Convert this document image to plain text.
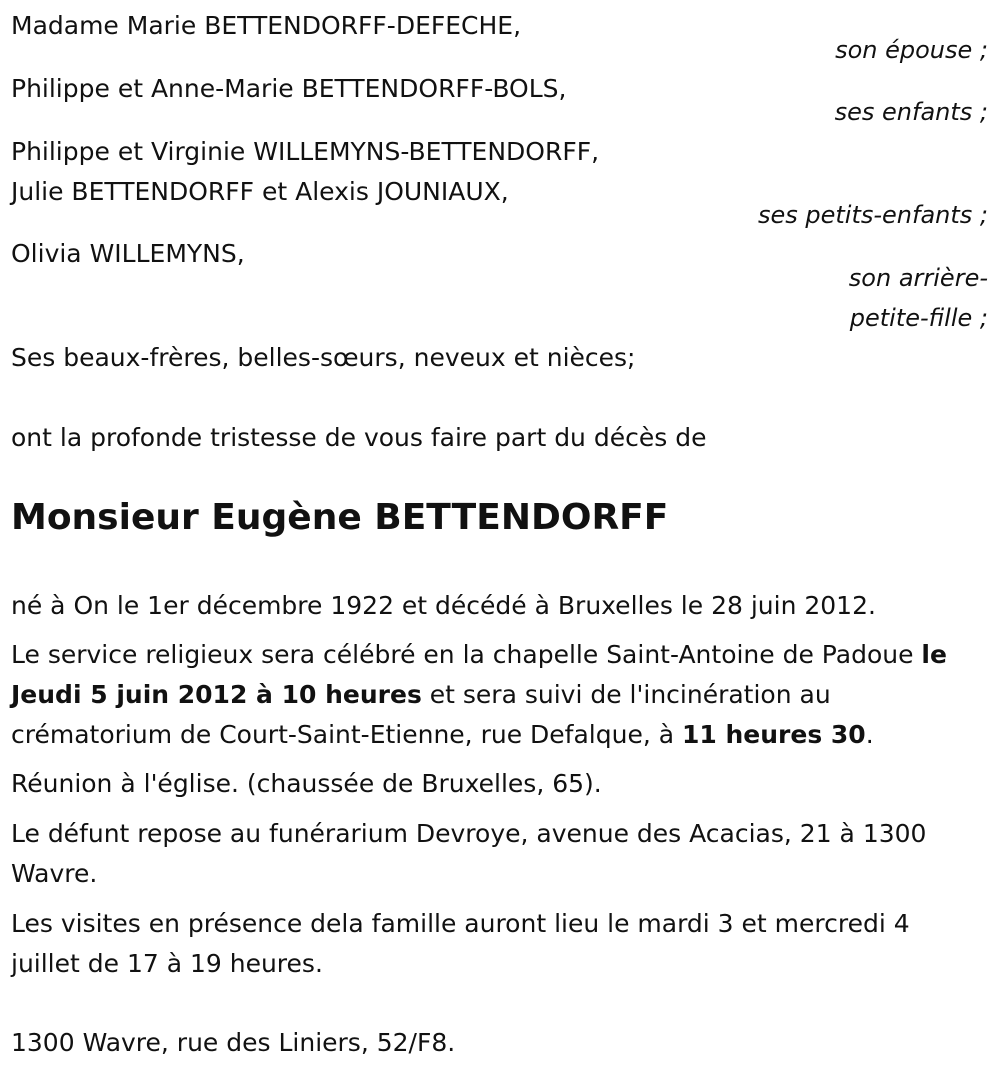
Madame Marie BETTENDORFF-DEFECHE,
son épouse ;
Philippe et Anne-Marie BETTENDORFF-BOLS,
ses enfants ;
Philippe et Virginie WILLEMYNS-BETTENDORFF,
Julie BETTENDORFF et Alexis JOUNIAUX,
ses petits-enfants ;
Olivia WILLEMYNS,
son arrière-
petite-fille ;
Ses beaux-frères, belles-sœurs, neveux et nièces;
ont la profonde tristesse de vous faire part du décès de
Monsieur Eugène BETTENDORFF
né à On le 1er décembre 1922 et décédé à Bruxelles le 28 juin 2012.
Le service religieux sera célébré en la chapelle Saint-Antoine de Padoue le Jeudi 5 juin 2012 à 10 heures et sera suivi de l'incinération au crématorium de Court-Saint-Etienne, rue Defalque, à 11 heures 30.
Réunion à l'église. (chaussée de Bruxelles, 65).
Le défunt repose au funérarium Devroye, avenue des Acacias, 21 à 1300 Wavre.
Les visites en présence dela famille auront lieu le mardi 3 et mercredi 4 juillet de 17 à 19 heures.
1300 Wavre, rue des Liniers, 52/F8.
